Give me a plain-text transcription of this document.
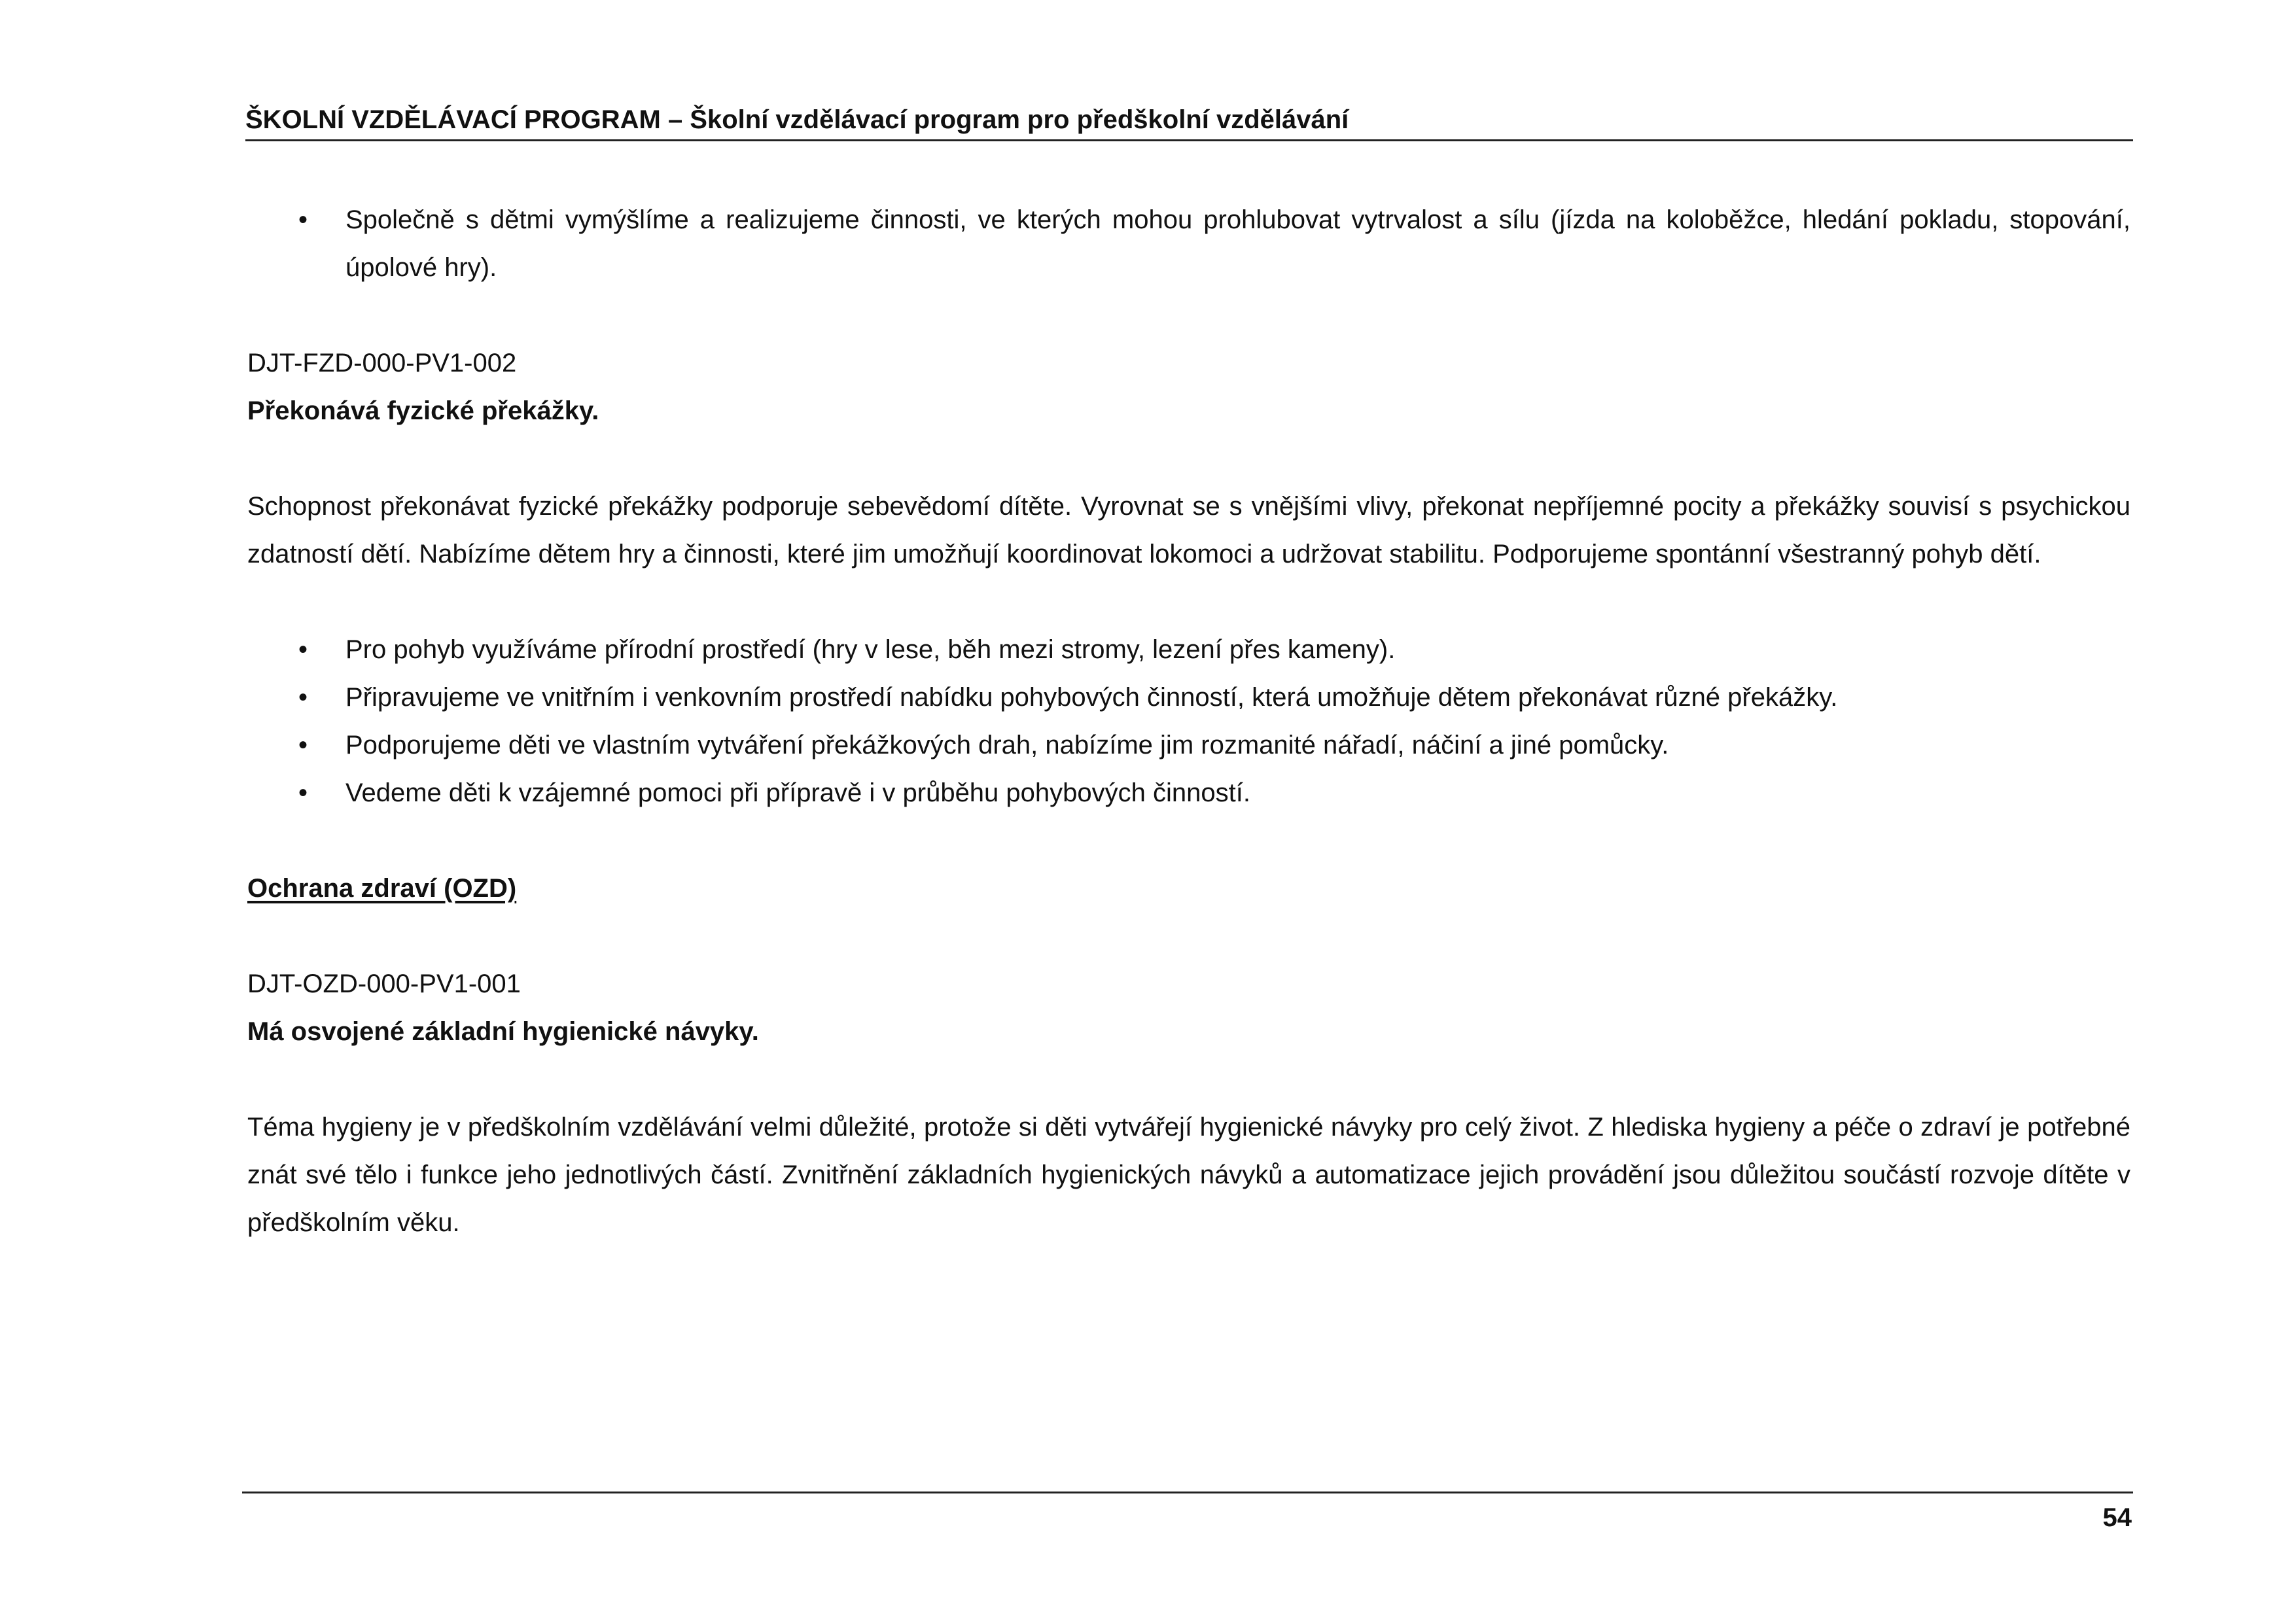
ŠKOLNÍ VZDĚLÁVACÍ PROGRAM – Školní vzdělávací program pro předškolní vzdělávání
• Společně s dětmi vymýšlíme a realizujeme činnosti, ve kterých mohou prohlubovat vytrvalost a sílu (jízda na koloběžce, hledání pokladu, stopování, úpolové hry).

DJT-FZD-000-PV1-002

Překonává fyzické překážky.

Schopnost překonávat fyzické překážky podporuje sebevědomí dítěte. Vyrovnat se s vnějšími vlivy, překonat nepříjemné pocity a překážky souvisí s psychickou zdatností dětí. Nabízíme dětem hry a činnosti, které jim umožňují koordinovat lokomoci a udržovat stabilitu. Podporujeme spontánní všestranný pohyb dětí.

• Pro pohyb využíváme přírodní prostředí (hry v lese, běh mezi stromy, lezení přes kameny).
• Připravujeme ve vnitřním i venkovním prostředí nabídku pohybových činností, která umožňuje dětem překonávat různé překážky.
• Podporujeme děti ve vlastním vytváření překážkových drah, nabízíme jim rozmanité nářadí, náčiní a jiné pomůcky.
• Vedeme děti k vzájemné pomoci při přípravě i v průběhu pohybových činností.

Ochrana zdraví (OZD)

DJT-OZD-000-PV1-001

Má osvojené základní hygienické návyky.

Téma hygieny je v předškolním vzdělávání velmi důležité, protože si děti vytvářejí hygienické návyky pro celý život. Z hlediska hygieny a péče o zdraví je potřebné znát své tělo i funkce jeho jednotlivých částí. Zvnitřnění základních hygienických návyků a automatizace jejich provádění jsou důležitou součástí rozvoje dítěte v předškolním věku.

54
